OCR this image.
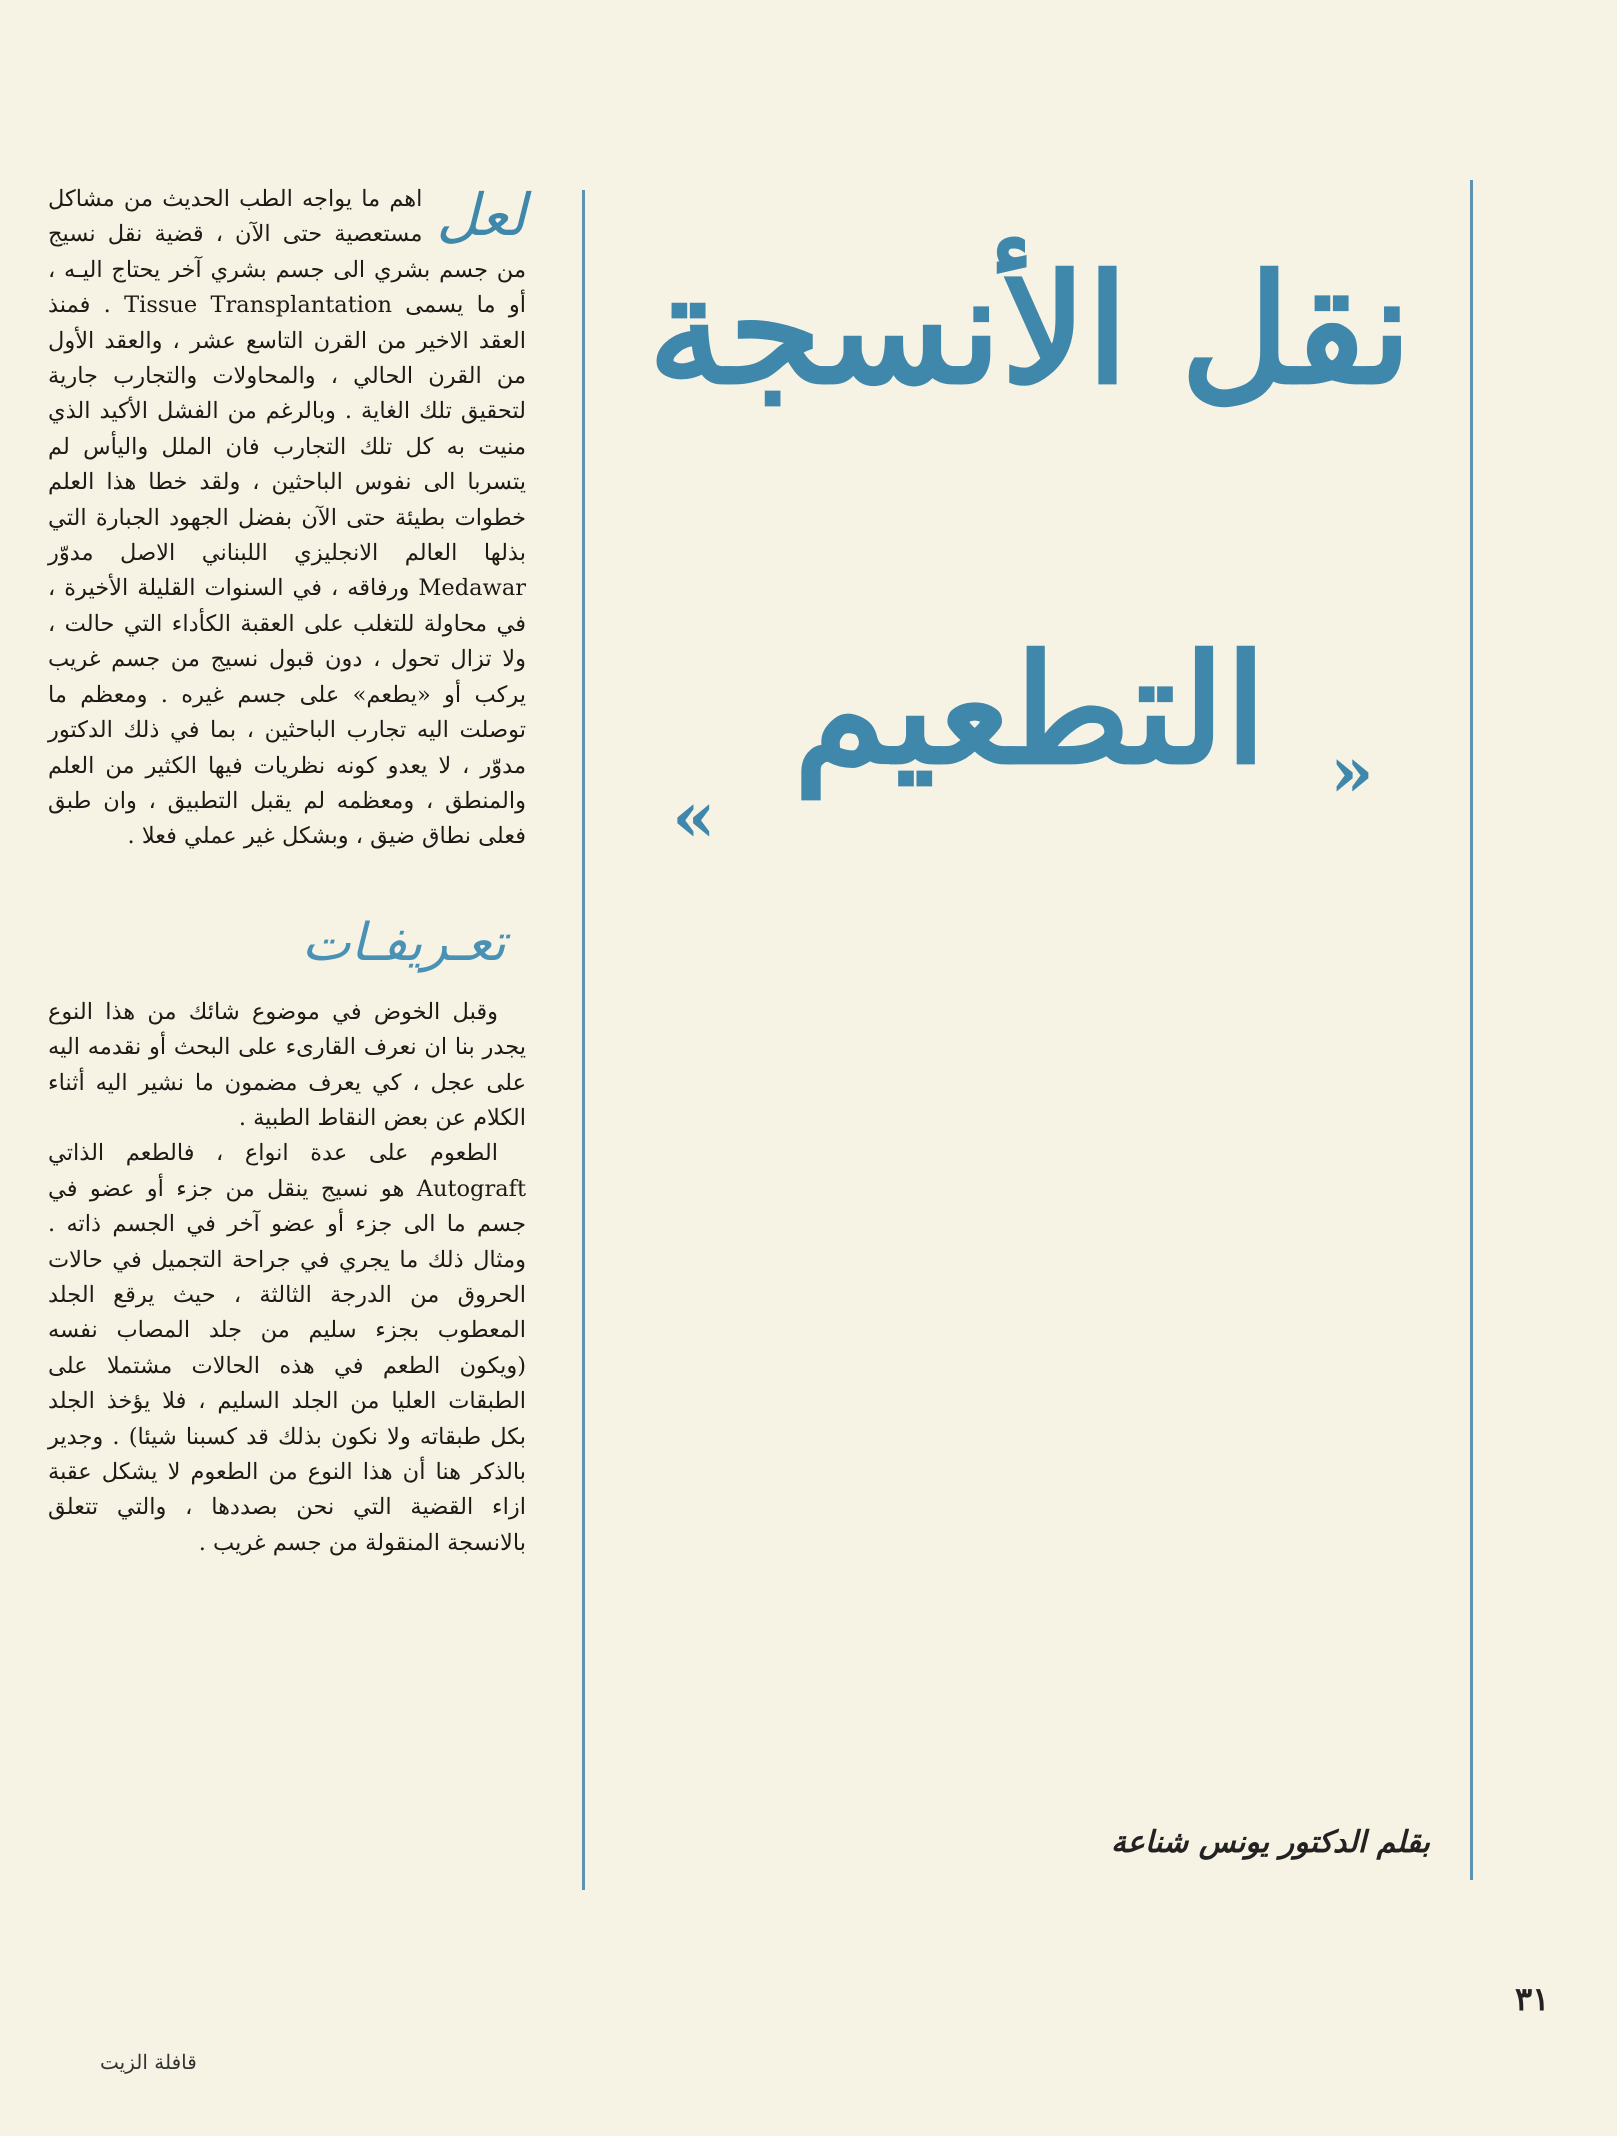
نقل الأنسجة
التطعيم »
«

لعل
اهم ما يواجه الطب الحديث من مشاكل مستعصية حتى الآن ، قضية نقل نسيج من جسم بشري الى جسم بشري آخر يحتاج اليـه ، أو ما يسمى Tissue Transplantation . فمنذ العقد الاخير من القرن التاسع عشر ، والعقد الأول من القرن الحالي ، والمحاولات والتجارب جارية لتحقيق تلك الغاية . وبالرغم من الفشل الأكيد الذي منيت به كل تلك التجارب فان الملل واليأس لم يتسربا الى نفوس الباحثين ، ولقد خطا هذا العلم خطوات بطيئة حتى الآن بفضل الجهود الجبارة التي بذلها العالم الانجليزي اللبناني الاصل مدوّر Medawar ورفاقه ، في السنوات القليلة الأخيرة ، في محاولة للتغلب على العقبة الكأداء التي حالت ، ولا تزال تحول ، دون قبول نسيج من جسم غريب يركب أو «يطعم» على جسم غيره . ومعظم ما توصلت اليه تجارب الباحثين ، بما في ذلك الدكتور مدوّر ، لا يعدو كونه نظريات فيها الكثير من العلم والمنطق ، ومعظمه لم يقبل التطبيق ، وان طبق فعلى نطاق ضيق ، وبشكل غير عملي فعلا .

تعـريفـات

وقبل الخوض في موضوع شائك من هذا النوع يجدر بنا ان نعرف القارىء على البحث أو نقدمه اليه على عجل ، كي يعرف مضمون ما نشير اليه أثناء الكلام عن بعض النقاط الطبية .

الطعوم على عدة انواع ، فالطعم الذاتي Autograft هو نسيج ينقل من جزء أو عضو في جسم ما الى جزء أو عضو آخر في الجسم ذاته . ومثال ذلك ما يجري في جراحة التجميل في حالات الحروق من الدرجة الثالثة ، حيث يرقع الجلد المعطوب بجزء سليم من جلد المصاب نفسه (ويكون الطعم في هذه الحالات مشتملا على الطبقات العليا من الجلد السليم ، فلا يؤخذ الجلد بكل طبقاته ولا نكون بذلك قد كسبنا شيئا) . وجدير بالذكر هنا أن هذا النوع من الطعوم لا يشكل عقبة ازاء القضية التي نحن بصددها ، والتي تتعلق بالانسجة المنقولة من جسم غريب .

بقلم الدكتور يونس شناعة
٣١
قافلة الزيت
